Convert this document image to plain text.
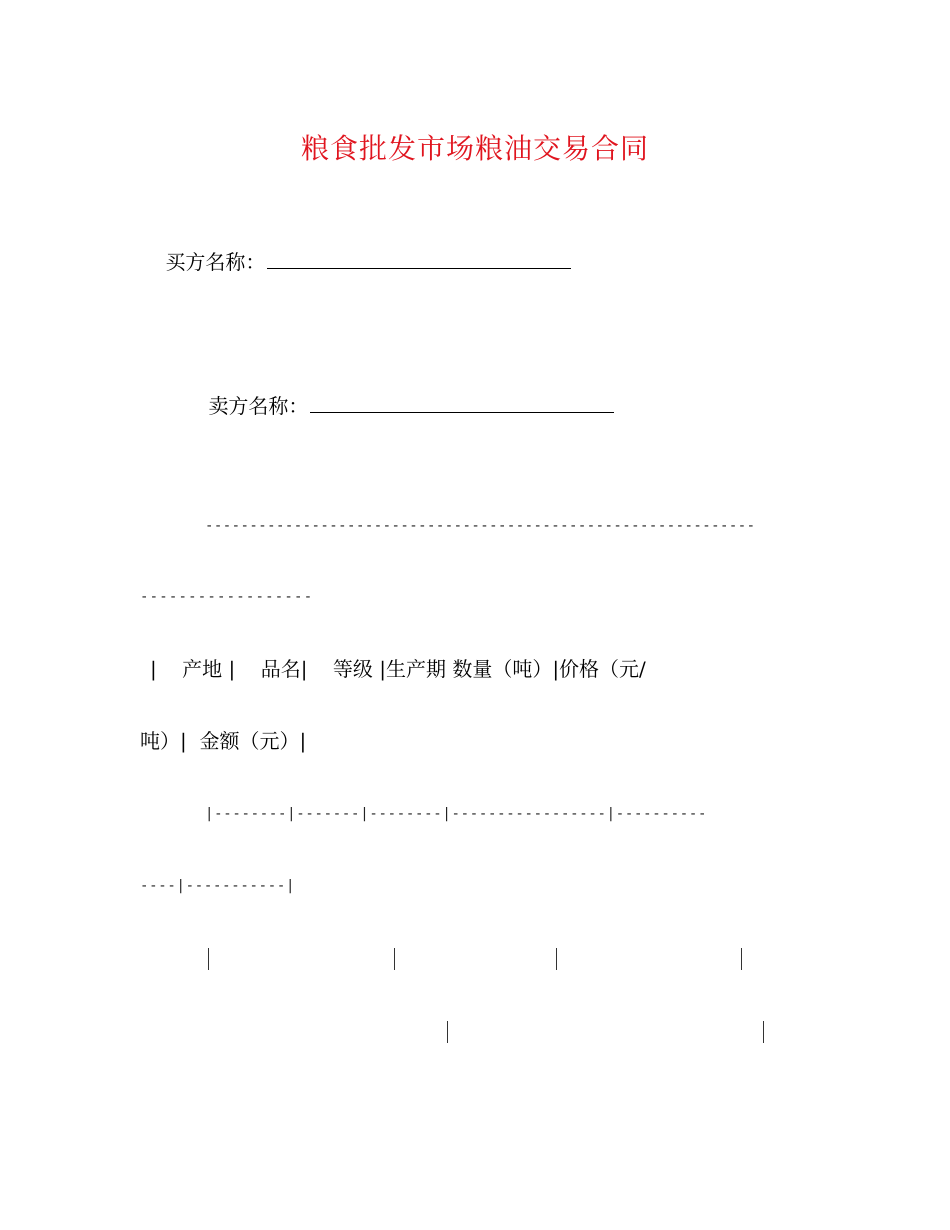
粮食批发市场粮油交易合同

买方名称：

卖方名称：

--------------------------------------------------------------
------------------
|    产地 |    品名|    等级 |生产期 数量（吨）|价格（元/
吨）|  金额（元）|
|--------|-------|--------|-----------------|----------
----|-----------|
